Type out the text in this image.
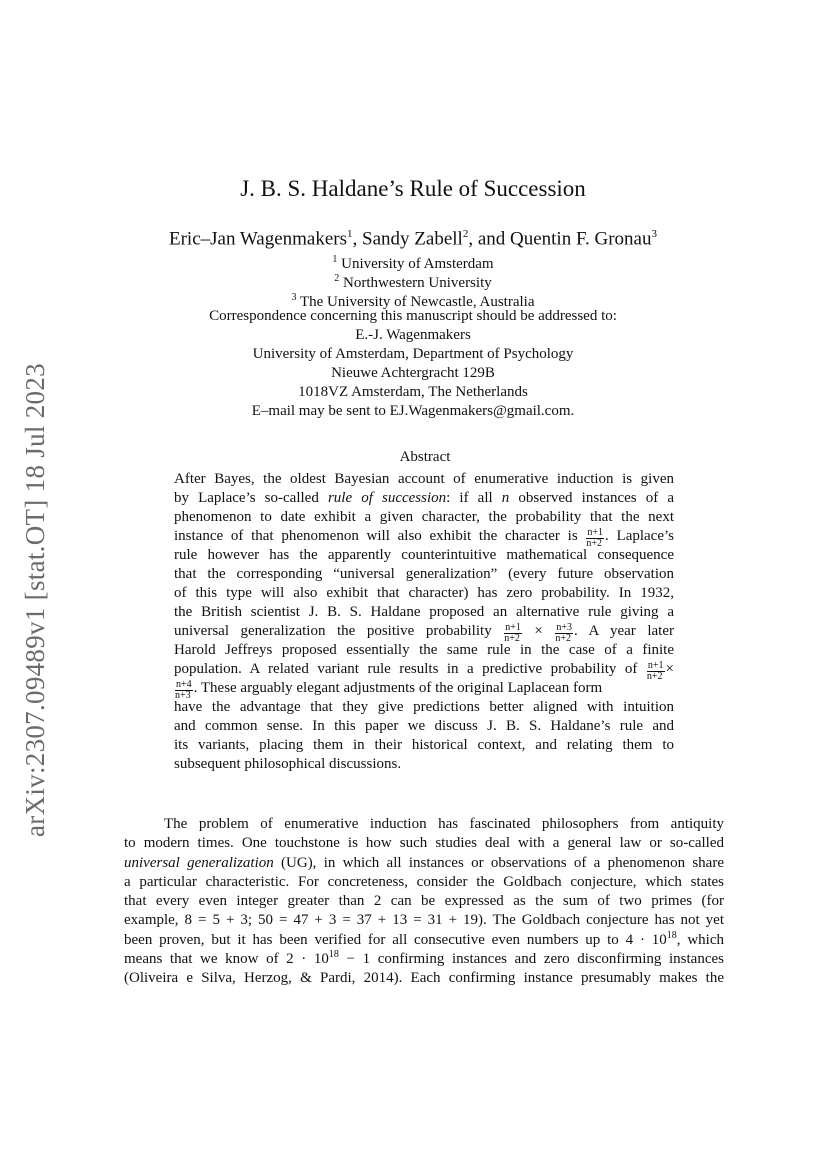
arXiv:2307.09489v1 [stat.OT] 18 Jul 2023
J. B. S. Haldane’s Rule of Succession
Eric–Jan Wagenmakers$^1$, Sandy Zabell$^2$, and Quentin F. Gronau$^3$
$^1$ University of Amsterdam
$^2$ Northwestern University
$^3$ The University of Newcastle, Australia
Correspondence concerning this manuscript should be addressed to:
E.-J. Wagenmakers
University of Amsterdam, Department of Psychology
Nieuwe Achtergracht 129B
1018VZ Amsterdam, The Netherlands
E–mail may be sent to EJ.Wagenmakers@gmail.com.
Abstract
After Bayes, the oldest Bayesian account of enumerative induction is given
by Laplace’s so-called rule of succession: if all n observed instances of a
phenomenon to date exhibit a given character, the probability that the next
instance of that phenomenon will also exhibit the character is $\frac{n+1}{n+2}$ . Laplace’s
rule however has the apparently counterintuitive mathematical consequence
that the corresponding “universal generalization” (every future observation
of this type will also exhibit that character) has zero probability. In 1932,
the British scientist J. B. S. Haldane proposed an alternative rule giving a
universal generalization the positive probability $\frac{n+1}{n+2} \times \frac{n+3}{n+2}$ . A year later
Harold Jeffreys proposed essentially the same rule in the case of a finite
population. A related variant rule results in a predictive probability of $\frac{n+1}{n+2}$ ×
$\frac{n+4}{n+3}$ . These arguably elegant adjustments of the original Laplacean form
have the advantage that they give predictions better aligned with intuition
and common sense. In this paper we discuss J. B. S. Haldane’s rule and
its variants, placing them in their historical context, and relating them to
subsequent philosophical discussions.
The problem of enumerative induction has fascinated philosophers from antiquity
to modern times. One touchstone is how such studies deal with a general law or so-called
universal generalization (UG), in which all instances or observations of a phenomenon share
a particular characteristic. For concreteness, consider the Goldbach conjecture, which states
that every even integer greater than 2 can be expressed as the sum of two primes (for
example, 8 = 5 + 3; 50 = 47 + 3 = 37 + 13 = 31 + 19). The Goldbach conjecture has not yet
been proven, but it has been verified for all consecutive even numbers up to $4 \cdot 10^{18}$, which
means that we know of $2 \cdot 10^{18} - 1$ confirming instances and zero disconfirming instances
(Oliveira e Silva, Herzog, & Pardi, 2014). Each confirming instance presumably makes the
